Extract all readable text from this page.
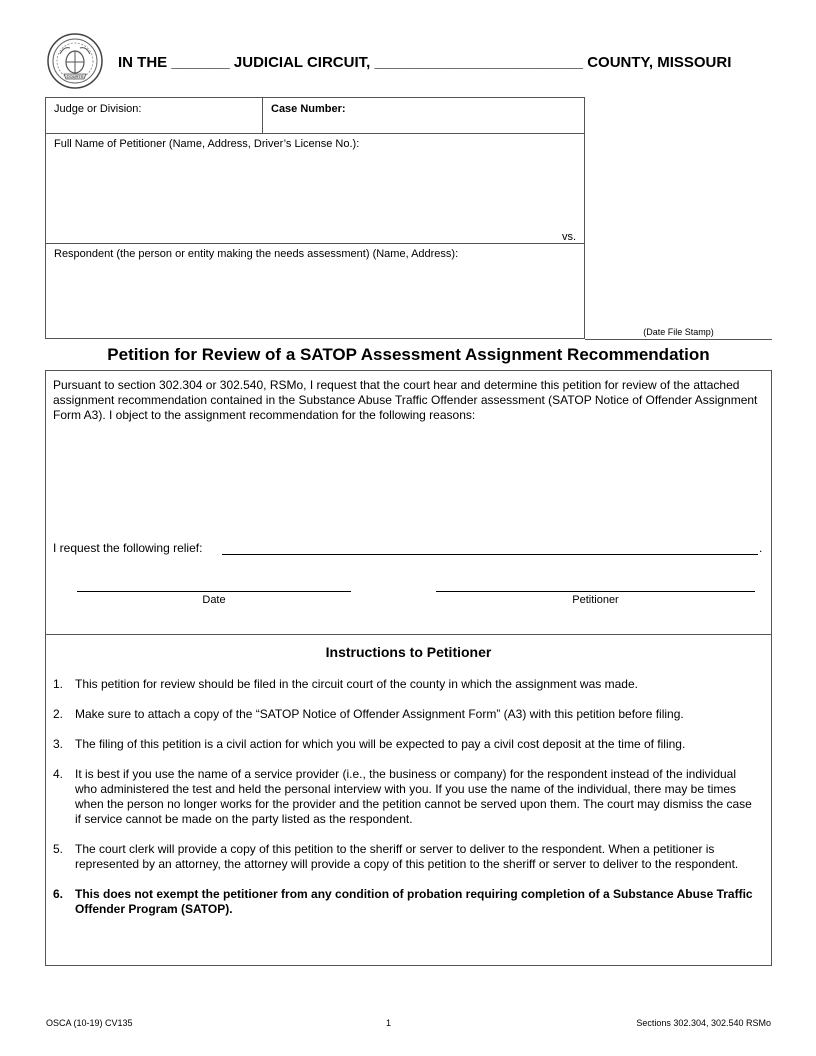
COURTS
IN THE _______ JUDICIAL CIRCUIT, _________________________ COUNTY, MISSOURI
Judge or Division:	Case Number:
Full Name of Petitioner (Name, Address, Driver’s License No.):
vs.
Respondent (the person or entity making the needs assessment) (Name, Address):
(Date File Stamp)
Petition for Review of a SATOP Assessment Assignment Recommendation
Pursuant to section 302.304 or 302.540, RSMo, I request that the court hear and determine this petition for review of the attached assignment recommendation contained in the Substance Abuse Traffic Offender assessment (SATOP Notice of Offender Assignment Form A3). I object to the assignment recommendation for the following reasons:
I request the following relief:	.
Date	Petitioner
Instructions to Petitioner
1. This petition for review should be filed in the circuit court of the county in which the assignment was made.
2. Make sure to attach a copy of the “SATOP Notice of Offender Assignment Form” (A3) with this petition before filing.
3. The filing of this petition is a civil action for which you will be expected to pay a civil cost deposit at the time of filing.
4. It is best if you use the name of a service provider (i.e., the business or company) for the respondent instead of the individual who administered the test and held the personal interview with you. If you use the name of the individual, there may be times when the person no longer works for the provider and the petition cannot be served upon them. The court may dismiss the case if service cannot be made on the party listed as the respondent.
5. The court clerk will provide a copy of this petition to the sheriff or server to deliver to the respondent. When a petitioner is represented by an attorney, the attorney will provide a copy of this petition to the sheriff or server to deliver to the respondent.
6. This does not exempt the petitioner from any condition of probation requiring completion of a Substance Abuse Traffic Offender Program (SATOP).
OSCA (10-19) CV135	1	Sections 302.304, 302.540 RSMo
